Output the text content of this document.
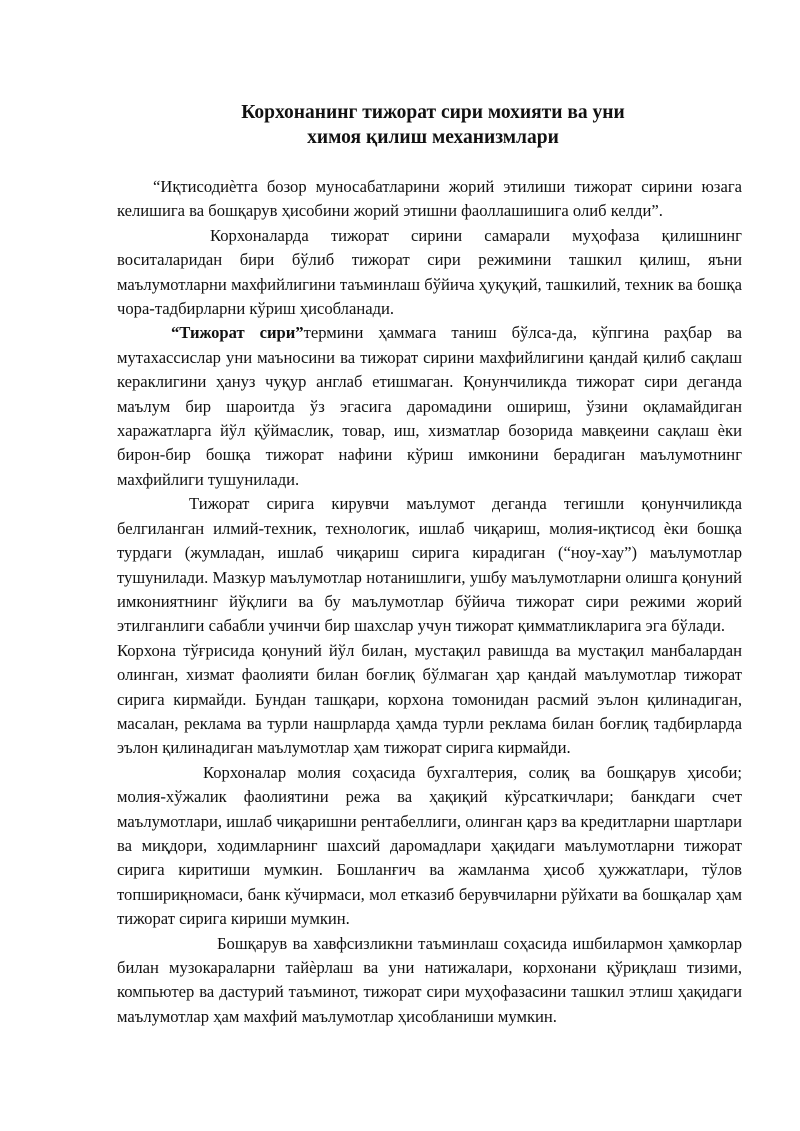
Корхонанинг тижорат сири мохияти ва уни
химоя қилиш механизмлари

“Иқтисодиѐтга бозор муносабатларини жорий этилиши тижорат сирини юзага келишига ва бошқарув ҳисобини жорий этишни фаоллашишига олиб келди”.

Корхоналарда тижорат сирини самарали муҳофаза қилишнинг воситаларидан бири бўлиб тижорат сири режимини ташкил қилиш, яъни маълумотларни махфийлигини таъминлаш бўйича ҳуқуқий, ташкилий, техник ва бошқа чора-тадбирларни кўриш ҳисобланади.

“Тижорат сири”термини ҳаммага таниш бўлса-да, кўпгина раҳбар ва мутахассислар уни маъносини ва тижорат сирини махфийлигини қандай қилиб сақлаш кераклигини ҳануз чуқур англаб етишмаган. Қонунчиликда тижорат сири деганда маълум бир шароитда ўз эгасига даромадини ошириш, ўзини оқламайдиган харажатларга йўл қўймаслик, товар, иш, хизматлар бозорида мавқеини сақлаш ѐки бирон-бир бошқа тижорат нафини кўриш имконини берадиган маълумотнинг махфийлиги тушунилади.

Тижорат сирига кирувчи маълумот деганда тегишли қонунчиликда белгиланган илмий-техник, технологик, ишлаб чиқариш, молия-иқтисод ѐки бошқа турдаги (жумладан, ишлаб чиқариш сирига кирадиган (“ноу-хау”) маълумотлар тушунилади. Мазкур маълумотлар нотанишлиги, ушбу маълумотларни олишга қонуний имкониятнинг йўқлиги ва бу маълумотлар бўйича тижорат сири режими жорий этилганлиги сабабли учинчи бир шахслар учун тижорат қимматликларига эга бўлади.

Корхона тўғрисида қонуний йўл билан, мустақил равишда ва мустақил манбалардан олинган, хизмат фаолияти билан боғлиқ бўлмаган ҳар қандай маълумотлар тижорат сирига кирмайди. Бундан ташқари, корхона томонидан расмий эълон қилинадиган, масалан, реклама ва турли нашрларда ҳамда турли реклама билан боғлиқ тадбирларда эълон қилинадиган маълумотлар ҳам тижорат сирига кирмайди.

Корхоналар молия соҳасида бухгалтерия, солиқ ва бошқарув ҳисоби; молия-хўжалик фаолиятини режа ва ҳақиқий кўрсаткичлари; банкдаги счет маълумотлари, ишлаб чиқаришни рентабеллиги, олинган қарз ва кредитларни шартлари ва миқдори, ходимларнинг шахсий даромадлари ҳақидаги маълумотларни тижорат сирига киритиши мумкин. Бошланғич ва жамланма ҳисоб ҳужжатлари, тўлов топшириқномаси, банк кўчирмаси, мол етказиб берувчиларни рўйхати ва бошқалар ҳам тижорат сирига кириши мумкин.

Бошқарув ва хавфсизликни таъминлаш соҳасида ишбилармон ҳамкорлар билан музокараларни тайѐрлаш ва уни натижалари, корхонани қўриқлаш тизими, компьютер ва дастурий таъминот, тижорат сири муҳофазасини ташкил этлиш ҳақидаги маълумотлар ҳам махфий маълумотлар ҳисобланиши мумкин.
